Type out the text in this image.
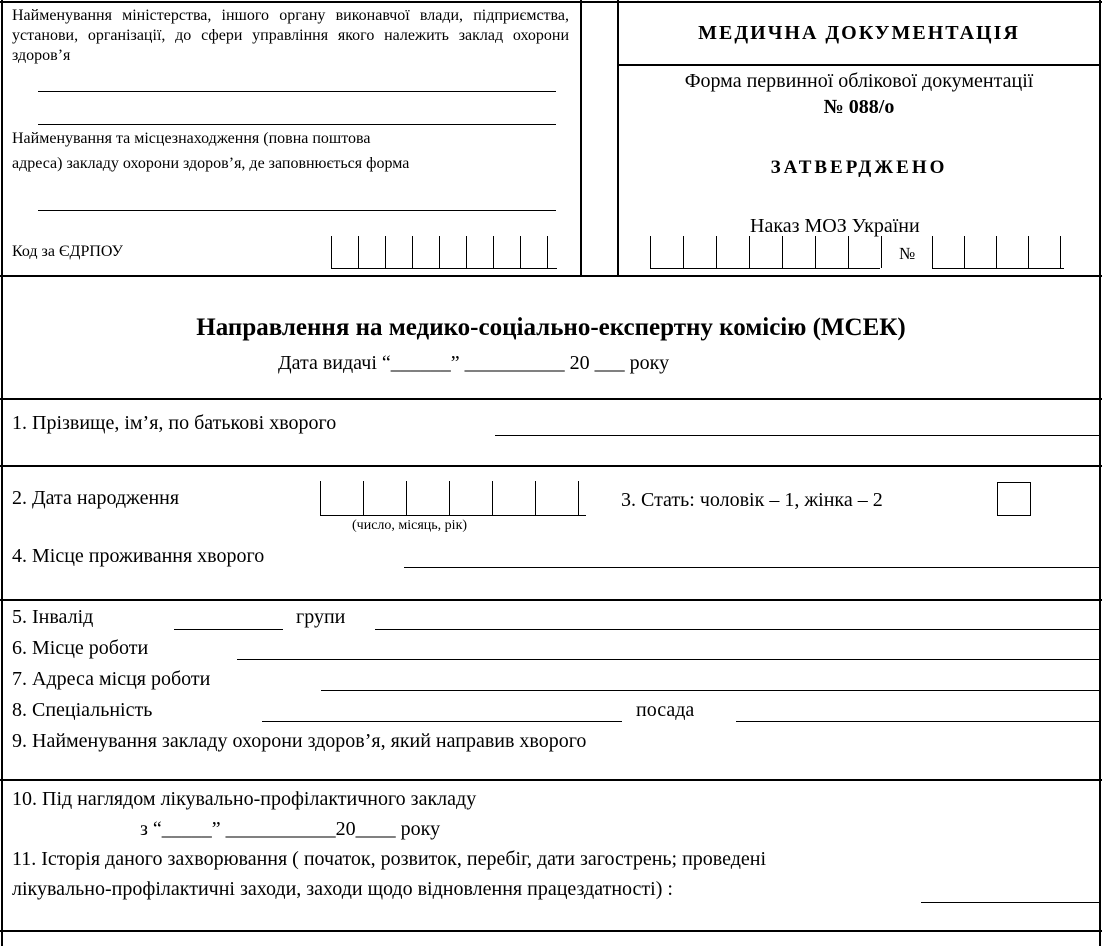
Найменування міністерства, іншого органу виконавчої влади, підприємства, установи, організації, до сфери управління якого належить заклад охорони здоров’я
Найменування та місцезнаходження (повна поштова
адреса) закладу охорони здоров’я, де заповнюється форма
Код за ЄДРПОУ
МЕДИЧНА ДОКУМЕНТАЦІЯ
Форма первинної облікової документації
№ 088/о
ЗАТВЕРДЖЕНО
Наказ МОЗ України
№
Направлення на медико-соціально-експертну комісію (МСЕК)
Дата видачі “______” __________ 20 ___ року
1. Прізвище, ім’я, по батькові хворого
2. Дата народження
(число, місяць, рік)
3. Стать: чоловік – 1, жінка – 2
4. Місце проживання хворого
5. Інвалід	групи
6. Місце роботи
7. Адреса місця роботи
8. Спеціальність	посада
9. Найменування закладу охорони здоров’я, який направив хворого
10. Під наглядом лікувально-профілактичного закладу
з “_____” ___________20____ року
11. Історія даного захворювання ( початок, розвиток, перебіг, дати загострень; проведені
лікувально-профілактичні заходи, заходи щодо відновлення працездатності) :
